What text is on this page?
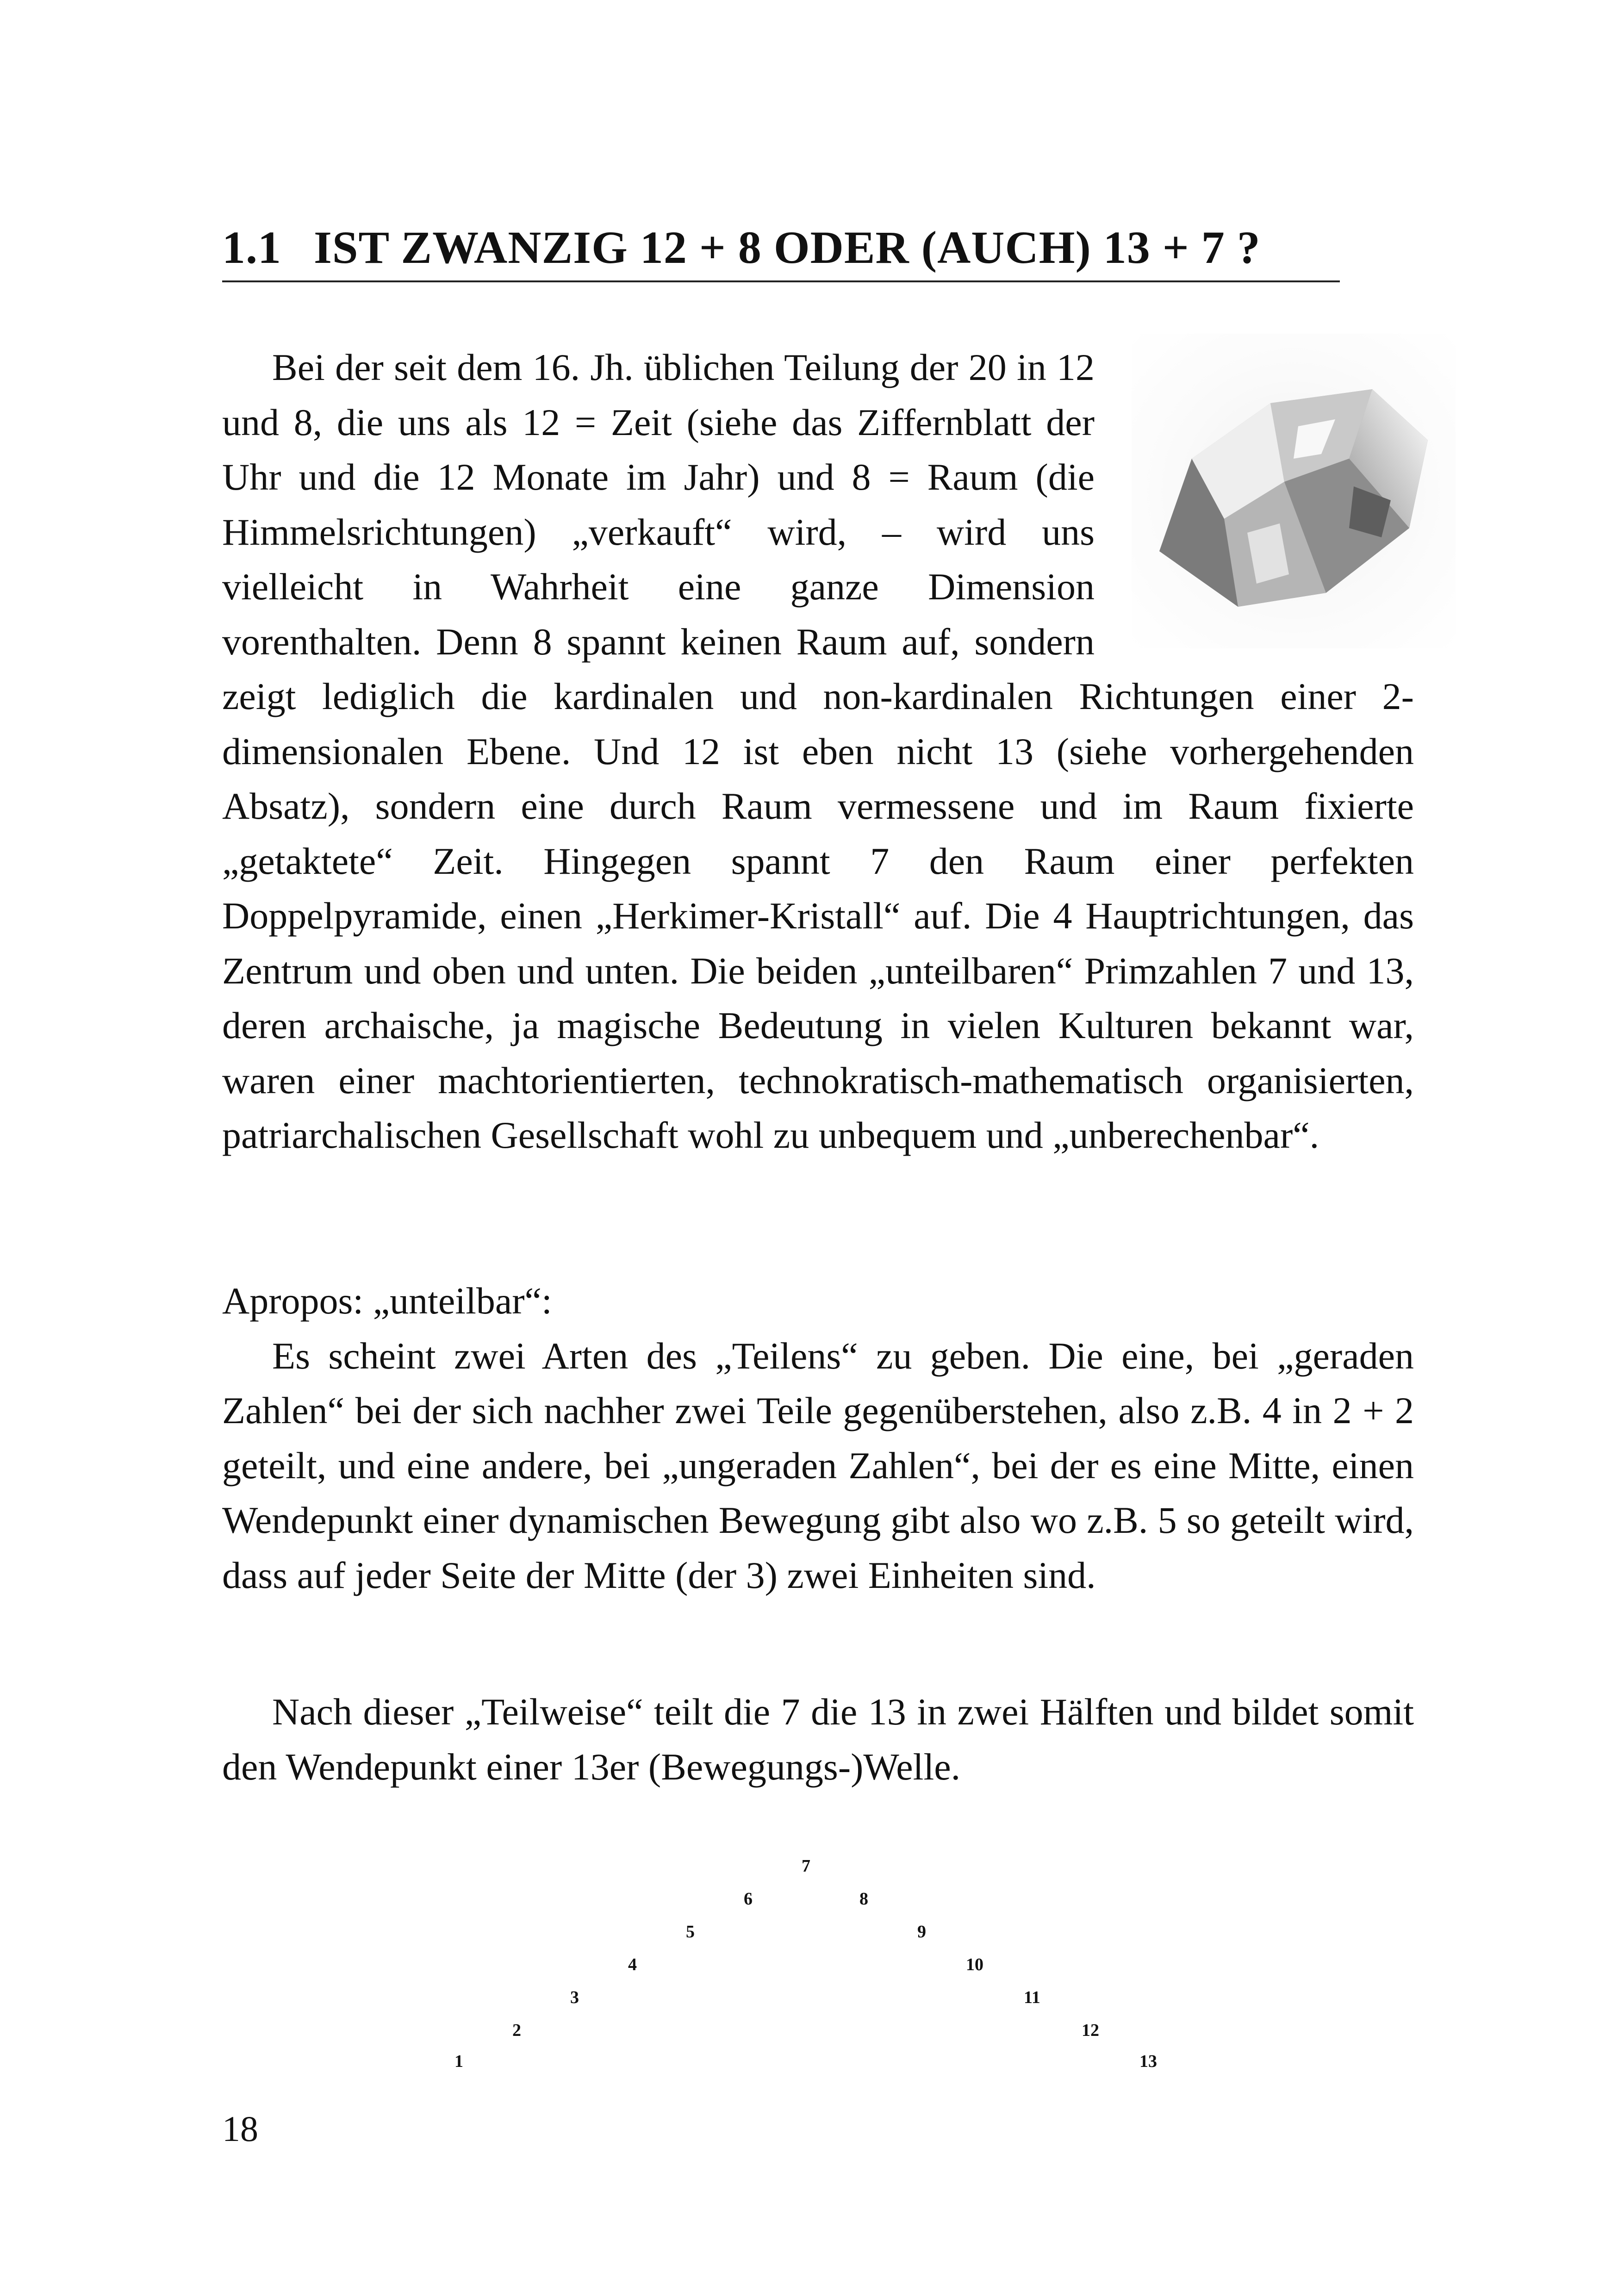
1.1 IST ZWANZIG 12 + 8 ODER (AUCH) 13 + 7 ?

Bei der seit dem 16. Jh. üblichen Teilung der 20 in 12 und 8, die uns als 12 = Zeit (siehe das Ziffernblatt der Uhr und die 12 Monate im Jahr) und 8 = Raum (die Himmelsrichtungen) „verkauft“ wird, – wird uns vielleicht in Wahrheit eine ganze Dimension vorenthalten. Denn 8 spannt keinen Raum auf, sondern zeigt lediglich die kardinalen und non-kardinalen Richtungen einer 2-dimensionalen Ebene. Und 12 ist eben nicht 13 (siehe vorhergehenden Absatz), sondern eine durch Raum vermessene und im Raum fixierte „getaktete“ Zeit. Hingegen spannt 7 den Raum einer perfekten Doppelpyramide, einen „Herkimer-Kristall“ auf. Die 4 Hauptrichtungen, das Zentrum und oben und unten. Die beiden „unteilbaren“ Primzahlen 7 und 13, deren archaische, ja magische Bedeutung in vielen Kulturen bekannt war, waren einer machtorientierten, technokratisch-mathematisch organisierten, patriarchalischen Gesellschaft wohl zu unbequem und „unberechenbar“.

Apropos: „unteilbar“:

Es scheint zwei Arten des „Teilens“ zu geben. Die eine, bei „geraden Zahlen“ bei der sich nachher zwei Teile gegenüberstehen, also z.B. 4 in 2 + 2 geteilt, und eine andere, bei „ungeraden Zahlen“, bei der es eine Mitte, einen Wendepunkt einer dynamischen Bewegung gibt also wo z.B. 5 so geteilt wird, dass auf jeder Seite der Mitte (der 3) zwei Einheiten sind.

Nach dieser „Teilweise“ teilt die 7 die 13 in zwei Hälften und bildet somit den Wendepunkt einer 13er (Bewegungs-)Welle.

1
2
3
4
5
6
7
8
9
10
11
12
13

18
